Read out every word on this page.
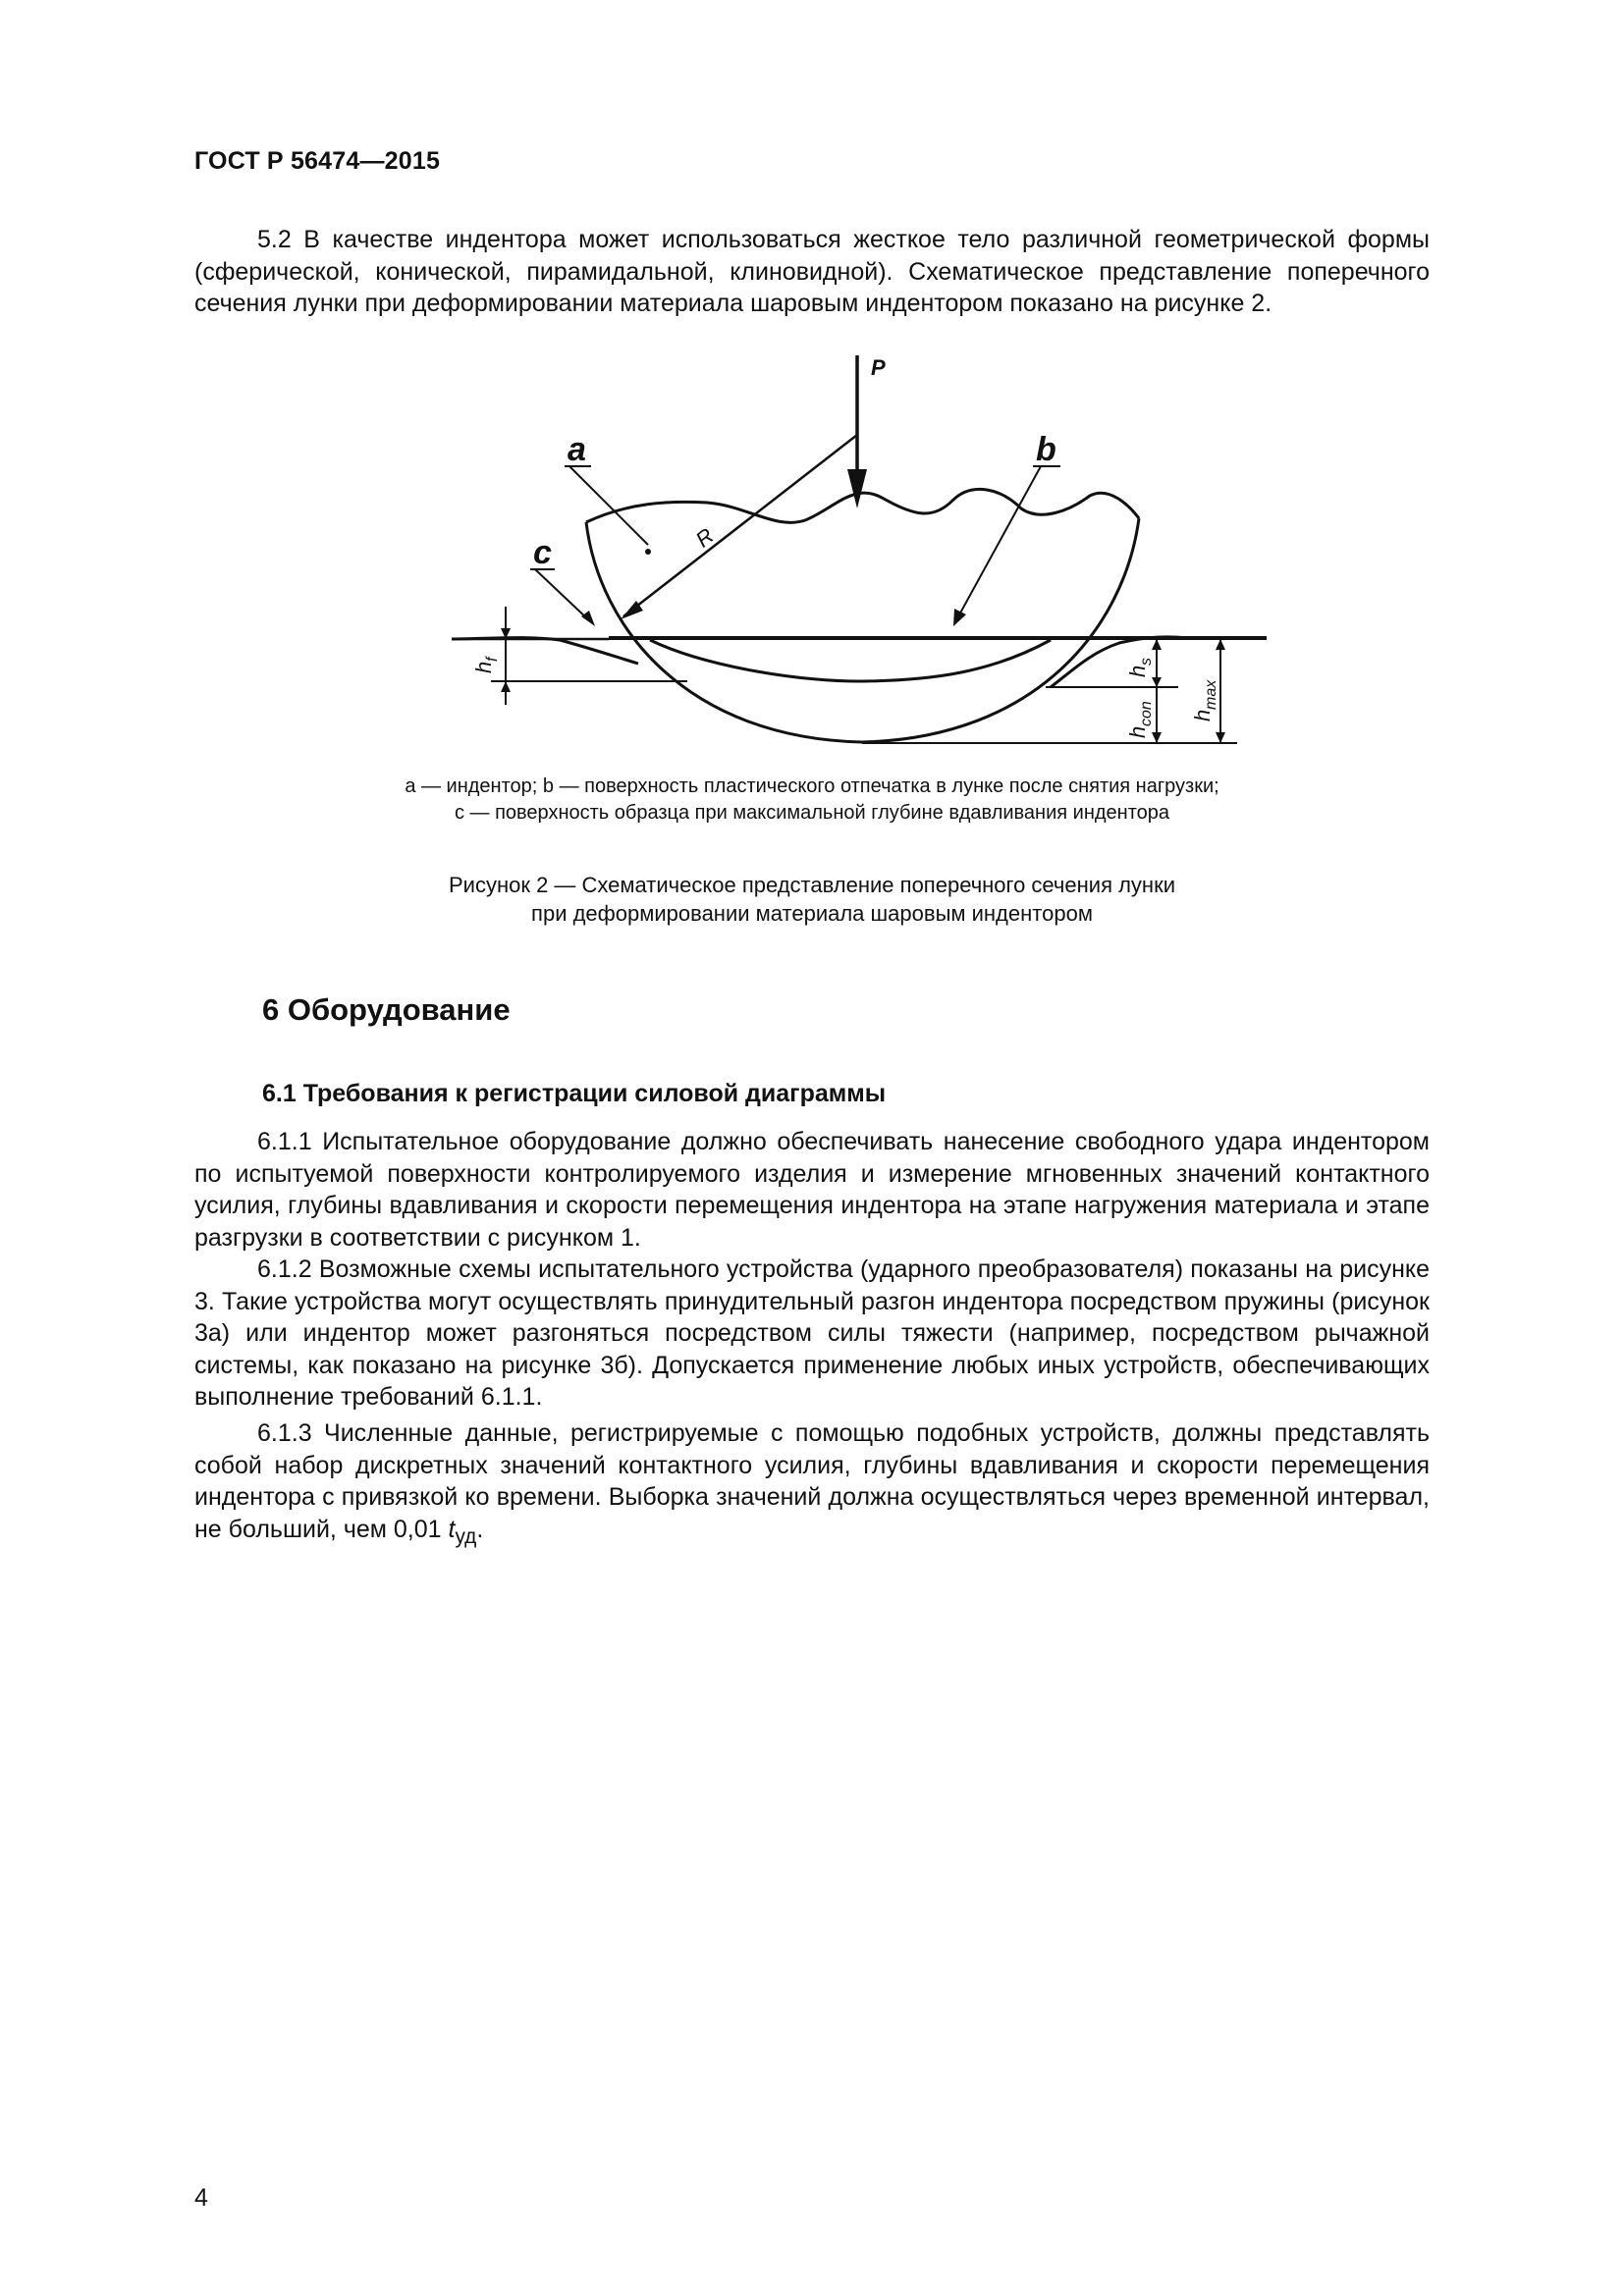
ГОСТ Р 56474—2015

5.2 В качестве индентора может использоваться жесткое тело различной геометрической формы (сферической, конической, пирамидальной, клиновидной). Схематическое представление поперечного сечения лунки при деформировании материала шаровым индентором показано на рисунке 2.

P
a	b
c	R
h
f
h
s
h
con h
max
a — индентор; b — поверхность пластического отпечатка в лунке после снятия нагрузки;
c — поверхность образца при максимальной глубине вдавливания индентора
Рисунок 2 — Схематическое представление поперечного сечения лунки
при деформировании материала шаровым индентором
6 Оборудование
6.1 Требования к регистрации силовой диаграммы

6.1.1 Испытательное оборудование должно обеспечивать нанесение свободного удара индентором по испытуемой поверхности контролируемого изделия и измерение мгновенных значений контактного усилия, глубины вдавливания и скорости перемещения индентора на этапе нагружения материала и этапе разгрузки в соответствии с рисунком 1.

6.1.2 Возможные схемы испытательного устройства (ударного преобразователя) показаны на рисунке 3. Такие устройства могут осуществлять принудительный разгон индентора посредством пружины (рисунок 3а) или индентор может разгоняться посредством силы тяжести (например, посредством рычажной системы, как показано на рисунке 3б). Допускается применение любых иных устройств, обеспечивающих выполнение требований 6.1.1.

6.1.3 Численные данные, регистрируемые с помощью подобных устройств, должны представлять собой набор дискретных значений контактного усилия, глубины вдавливания и скорости перемещения индентора с привязкой ко времени. Выборка значений должна осуществляться через временной интервал, не больший, чем 0,01 $t_{уд}$.

4
